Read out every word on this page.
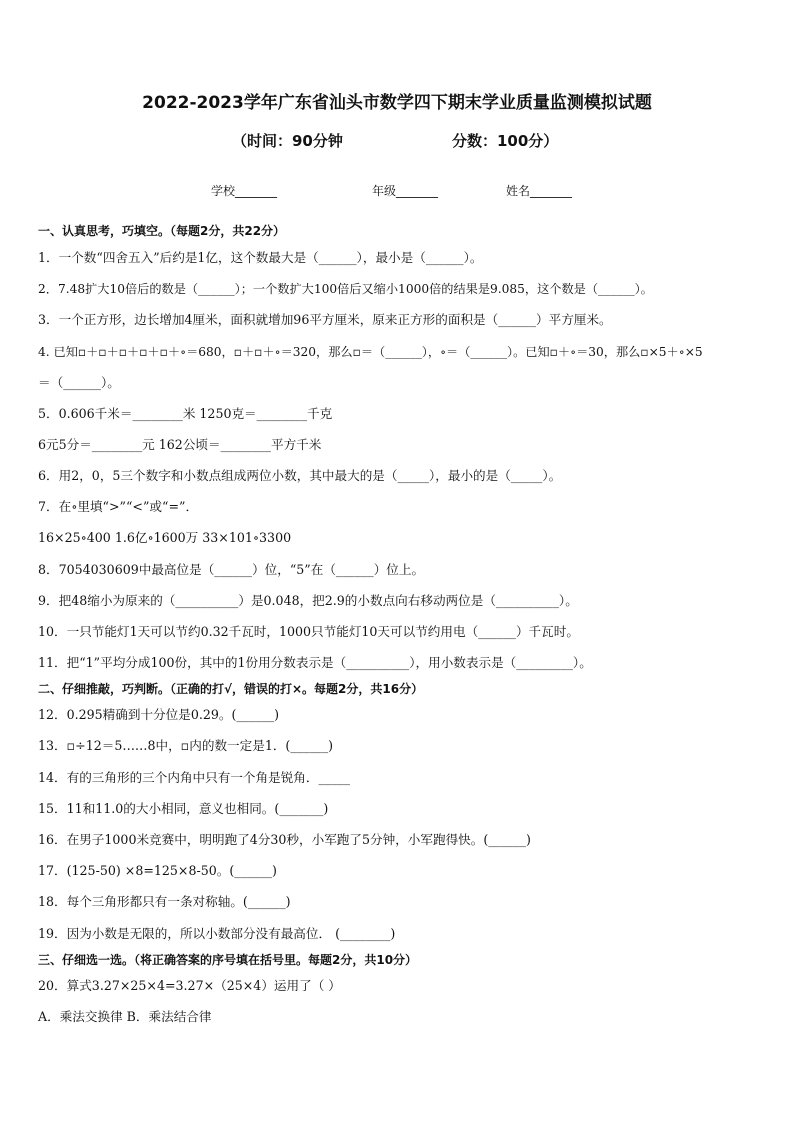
2022-2023学年广东省汕头市数学四下期末学业质量监测模拟试题
（时间：90分钟	分数：100分）
学校_______	年级_______	姓名_______
一、认真思考，巧填空。（每题2分，共22分）
1．一个数“四舍五入”后约是1亿，这个数最大是（______），最小是（______）。
2．7.48扩大10倍后的数是（______）；一个数扩大100倍后又缩小1000倍的结果是9.085，这个数是（______）。
3．一个正方形，边长增加4厘米，面积就增加96平方厘米，原来正方形的面积是（______）平方厘米。
4. 已知▫＋▫＋▫＋▫＋▫＋∘＝680，▫＋▫＋∘＝320，那么▫＝（______），∘＝（______）。已知▫＋∘＝30，那么▫×5＋∘×5
＝（______）。
5．0.606千米＝________米 1250克＝________千克
6元5分＝________元 162公顷＝________平方千米
6．用2，0，5三个数字和小数点组成两位小数，其中最大的是（_____），最小的是（_____）。
7．在∘里填“>”“<”或“=”．
16×25∘400 1.6亿∘1600万 33×101∘3300
8．7054030609中最高位是（______）位，“5”在（______）位上。
9．把48缩小为原来的（__________）是0.048，把2.9的小数点向右移动两位是（__________）。
10．一只节能灯1天可以节约0.32千瓦时，1000只节能灯10天可以节约用电（______）千瓦时。
11．把“1”平均分成100份，其中的1份用分数表示是（__________），用小数表示是（_________）。
二、仔细推敲，巧判断。（正确的打√，错误的打×。每题2分，共16分）
12．0.295精确到十分位是0.29。(______)
13．▫÷12＝5……8中，▫内的数一定是1．(______)
14．有的三角形的三个内角中只有一个角是锐角．_____
15．11和11.0的大小相同，意义也相同。(_______)
16．在男子1000米竞赛中，明明跑了4分30秒，小军跑了5分钟，小军跑得快。(______)
17．(125-50) ×8=125×8-50。(______)
18．每个三角形都只有一条对称轴。(______)
19．因为小数是无限的，所以小数部分没有最高位． (________)
三、仔细选一选。（将正确答案的序号填在括号里。每题2分，共10分）
20．算式3.27×25×4=3.27×（25×4）运用了（ ）
A．乘法交换律 B．乘法结合律
